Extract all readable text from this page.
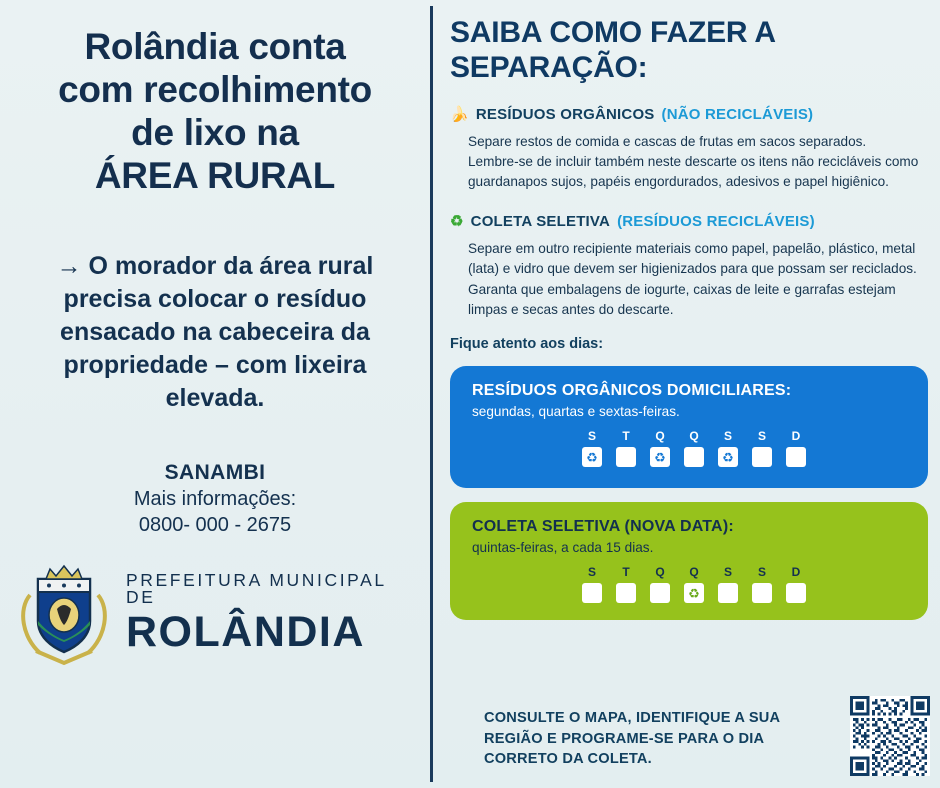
Rolândia conta
com recolhimento
de lixo na

ÁREA RURAL
→ O morador da área rural precisa colocar o resíduo ensacado na cabeceira da propriedade – com lixeira elevada.
SANAMBI
Mais informações:
0800- 000 - 2675
PREFEITURA MUNICIPAL DE
ROLÂNDIA
SAIBA COMO FAZER A SEPARAÇÃO:
🍌 RESÍDUOS ORGÂNICOS (NÃO RECICLÁVEIS)
Separe restos de comida e cascas de frutas em sacos separados. Lembre-se de incluir também neste descarte os itens não recicláveis como guardanapos sujos, papéis engordurados, adesivos e papel higiênico.
♻ COLETA SELETIVA (RESÍDUOS RECICLÁVEIS)
Separe em outro recipiente materiais como papel, papelão, plástico, metal (lata) e vidro que devem ser higienizados para que possam ser reciclados. Garanta que embalagens de iogurte, caixas de leite e garrafas estejam limpas e secas antes do descarte.
Fique atento aos dias:
RESÍDUOS ORGÂNICOS DOMICILIARES:
segundas, quartas e sextas-feiras.
S
♻
T Q
♻
Q S
♻
S D
COLETA SELETIVA (NOVA DATA):
quintas-feiras, a cada 15 dias.
S T Q Q
♻
S S D
CONSULTE O MAPA, IDENTIFIQUE A SUA REGIÃO E PROGRAME-SE PARA O DIA CORRETO DA COLETA.
